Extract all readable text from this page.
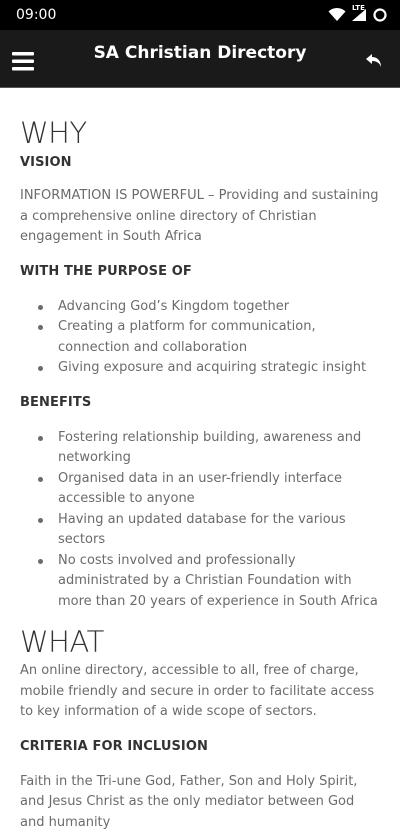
09:00	LTE
SA Christian Directory
WHY
VISION
INFORMATION IS POWERFUL – Providing and sustaining a comprehensive online directory of Christian engagement in South Africa
WITH THE PURPOSE OF
Advancing God’s Kingdom together
Creating a platform for communication, connection and collaboration
Giving exposure and acquiring strategic insight
BENEFITS
Fostering relationship building, awareness and networking
Organised data in an user-friendly interface accessible to anyone
Having an updated database for the various sectors
No costs involved and professionally administrated by a Christian Foundation with more than 20 years of experience in South Africa
WHAT
An online directory, accessible to all, free of charge, mobile friendly and secure in order to facilitate access to key information of a wide scope of sectors.
CRITERIA FOR INCLUSION
Faith in the Tri-une God, Father, Son and Holy Spirit, and Jesus Christ as the only mediator between God and humanity
